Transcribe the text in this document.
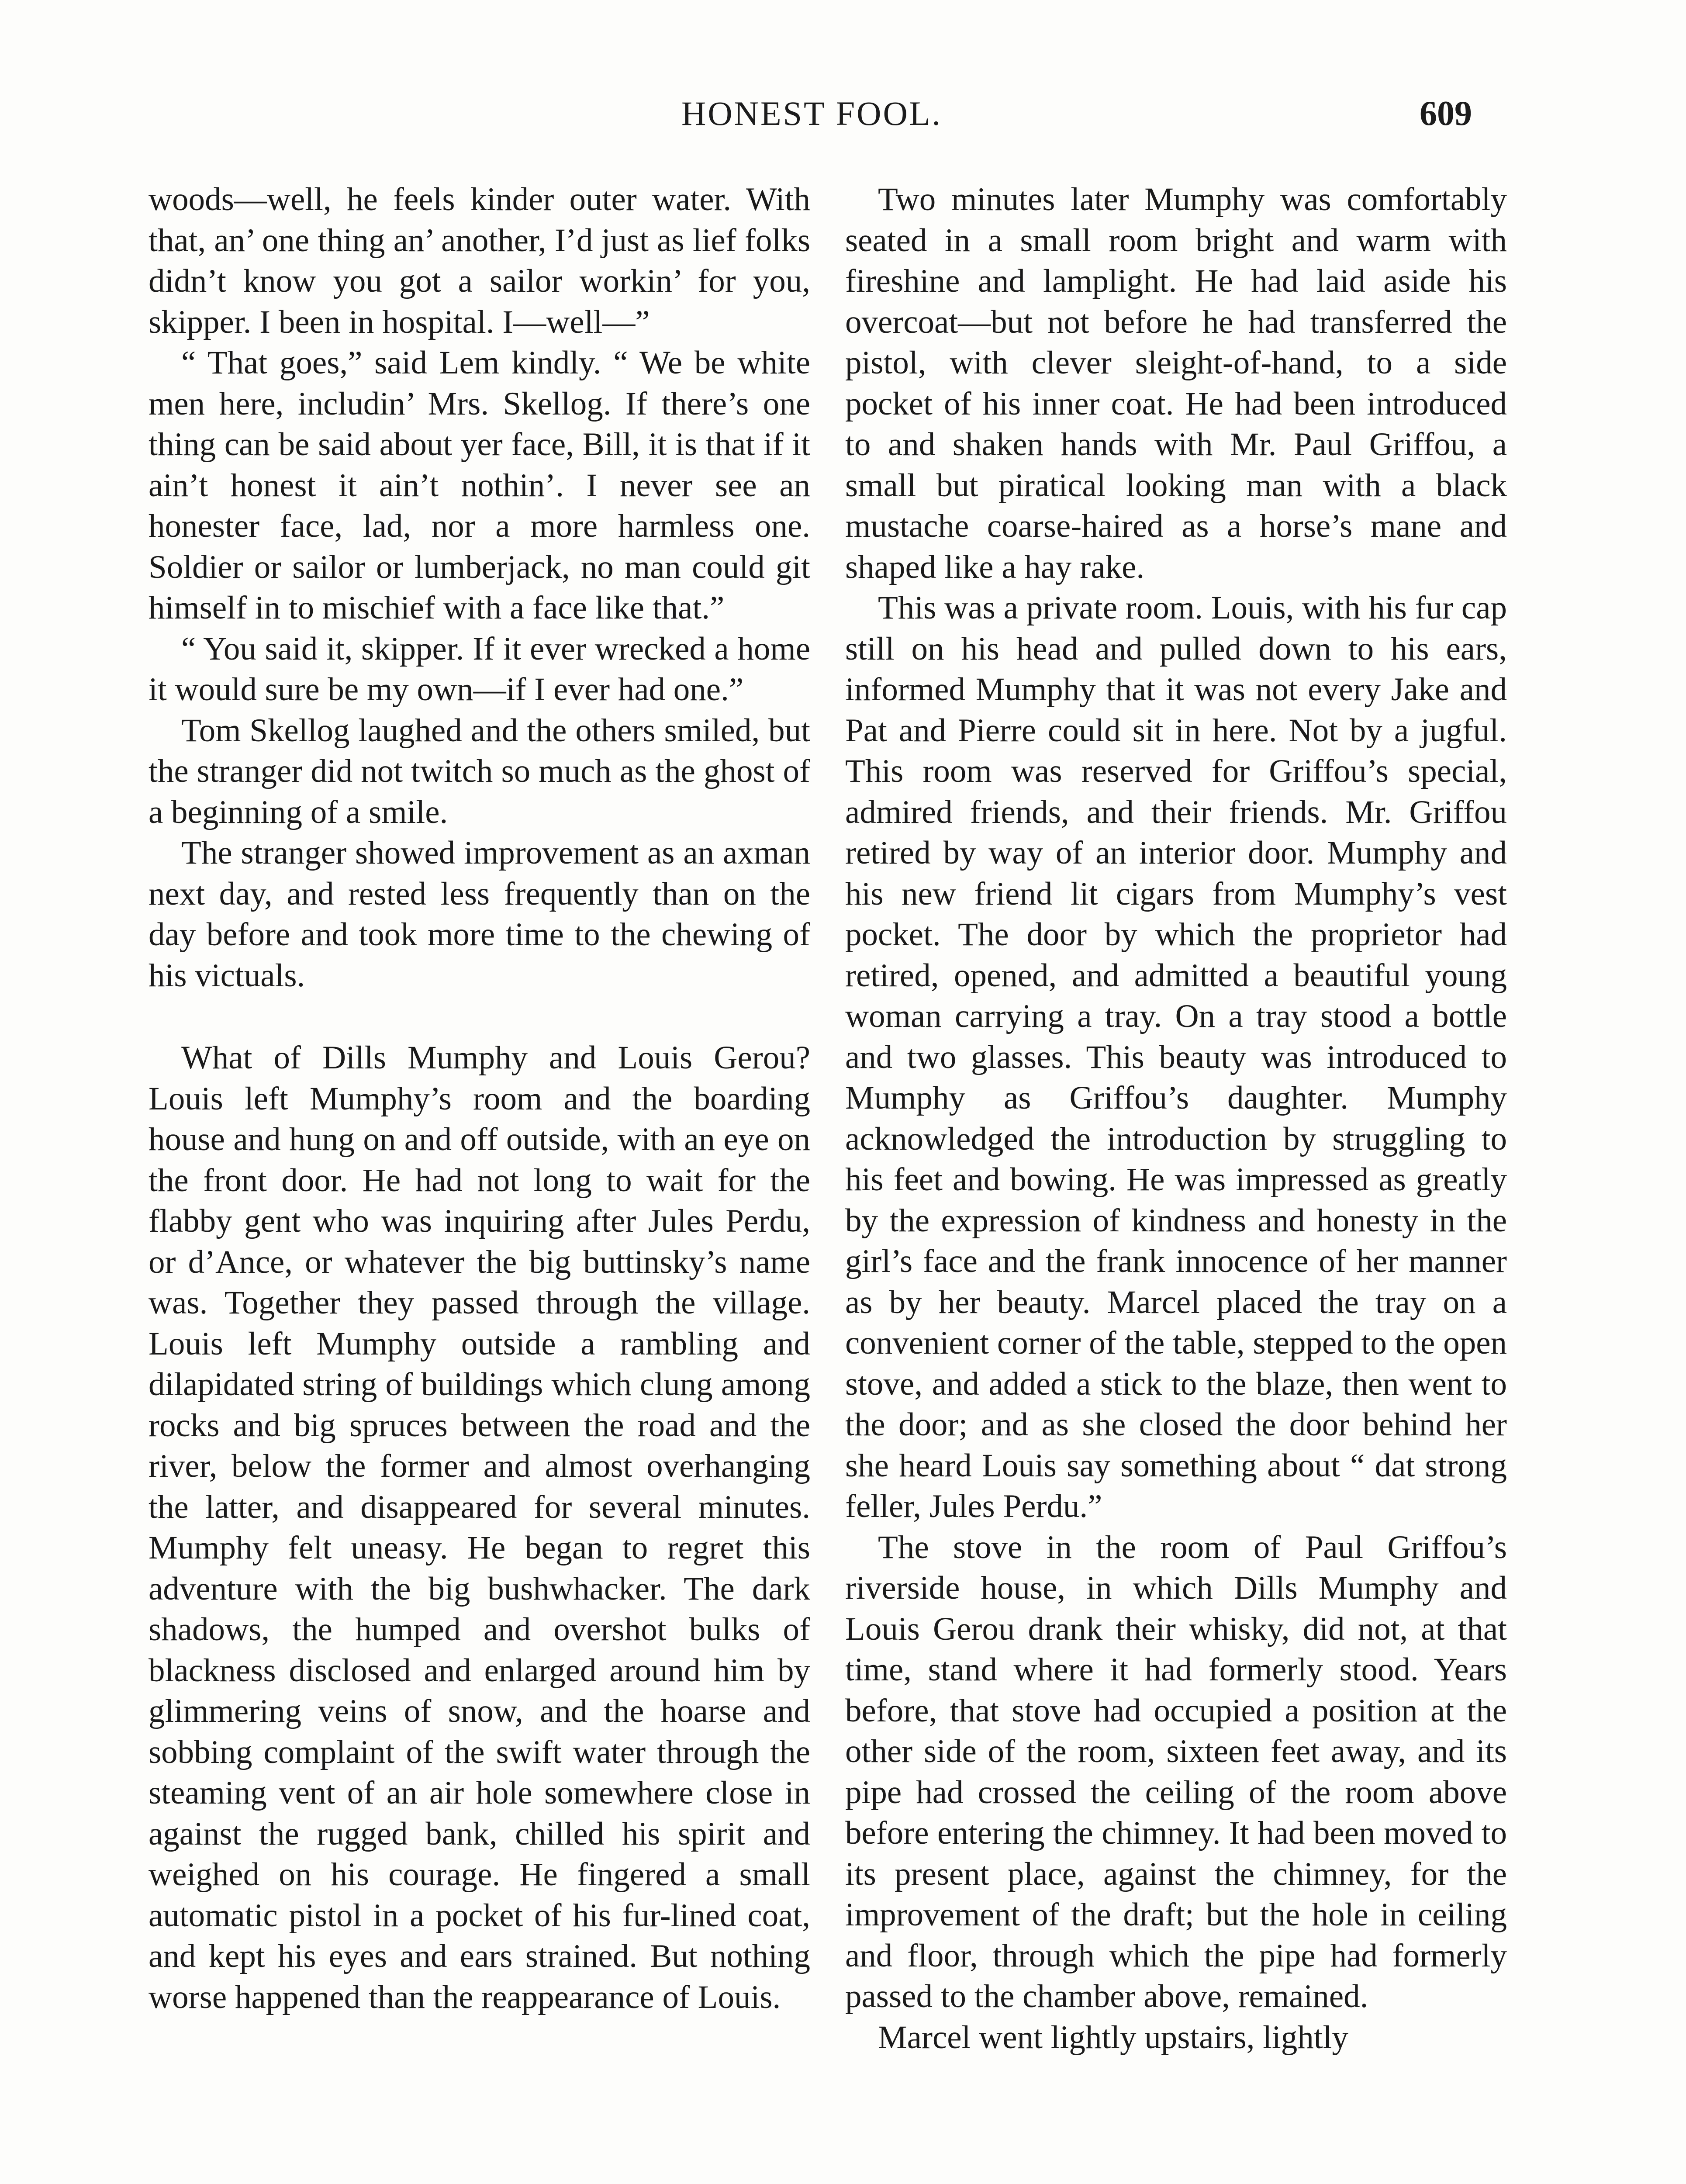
HONEST FOOL.	609

woods—well, he feels kinder outer water. With that, an’ one thing an’ another, I’d just as lief folks didn’t know you got a sailor workin’ for you, skipper. I been in hospital. I—well—”

“ That goes,” said Lem kindly. “ We be white men here, includin’ Mrs. Skellog. If there’s one thing can be said about yer face, Bill, it is that if it ain’t honest it ain’t nothin’. I never see an honester face, lad, nor a more harmless one. Soldier or sailor or lumberjack, no man could git himself in to mischief with a face like that.”

“ You said it, skipper. If it ever wrecked a home it would sure be my own—if I ever had one.”

Tom Skellog laughed and the others smiled, but the stranger did not twitch so much as the ghost of a beginning of a smile.

The stranger showed improvement as an axman next day, and rested less frequently than on the day before and took more time to the chewing of his victuals.

What of Dills Mumphy and Louis Gerou? Louis left Mumphy’s room and the boarding house and hung on and off outside, with an eye on the front door. He had not long to wait for the flabby gent who was inquiring after Jules Perdu, or d’Ance, or whatever the big buttinsky’s name was. Together they passed through the village. Louis left Mumphy outside a rambling and dilapidated string of buildings which clung among rocks and big spruces between the road and the river, below the former and almost overhanging the latter, and disappeared for several minutes. Mumphy felt uneasy. He began to regret this adventure with the big bushwhacker. The dark shadows, the humped and overshot bulks of blackness disclosed and enlarged around him by glimmering veins of snow, and the hoarse and sobbing complaint of the swift water through the steaming vent of an air hole somewhere close in against the rugged bank, chilled his spirit and weighed on his courage. He fingered a small automatic pistol in a pocket of his fur-lined coat, and kept his eyes and ears strained. But nothing worse happened than the reappearance of Louis.

Two minutes later Mumphy was comfortably seated in a small room bright and warm with fireshine and lamplight. He had laid aside his overcoat—but not before he had transferred the pistol, with clever sleight-of-hand, to a side pocket of his inner coat. He had been introduced to and shaken hands with Mr. Paul Griffou, a small but piratical looking man with a black mustache coarse-haired as a horse’s mane and shaped like a hay rake.

This was a private room. Louis, with his fur cap still on his head and pulled down to his ears, informed Mumphy that it was not every Jake and Pat and Pierre could sit in here. Not by a jugful. This room was reserved for Griffou’s special, admired friends, and their friends. Mr. Griffou retired by way of an interior door. Mumphy and his new friend lit cigars from Mumphy’s vest pocket. The door by which the proprietor had retired, opened, and admitted a beautiful young woman carrying a tray. On a tray stood a bottle and two glasses. This beauty was introduced to Mumphy as Griffou’s daughter. Mumphy acknowledged the introduction by struggling to his feet and bowing. He was impressed as greatly by the expression of kindness and honesty in the girl’s face and the frank innocence of her manner as by her beauty. Marcel placed the tray on a convenient corner of the table, stepped to the open stove, and added a stick to the blaze, then went to the door; and as she closed the door behind her she heard Louis say something about “ dat strong feller, Jules Perdu.”

The stove in the room of Paul Griffou’s riverside house, in which Dills Mumphy and Louis Gerou drank their whisky, did not, at that time, stand where it had formerly stood. Years before, that stove had occupied a position at the other side of the room, sixteen feet away, and its pipe had crossed the ceiling of the room above before entering the chimney. It had been moved to its present place, against the chimney, for the improvement of the draft; but the hole in ceiling and floor, through which the pipe had formerly passed to the chamber above, remained.

Marcel went lightly upstairs, lightly
